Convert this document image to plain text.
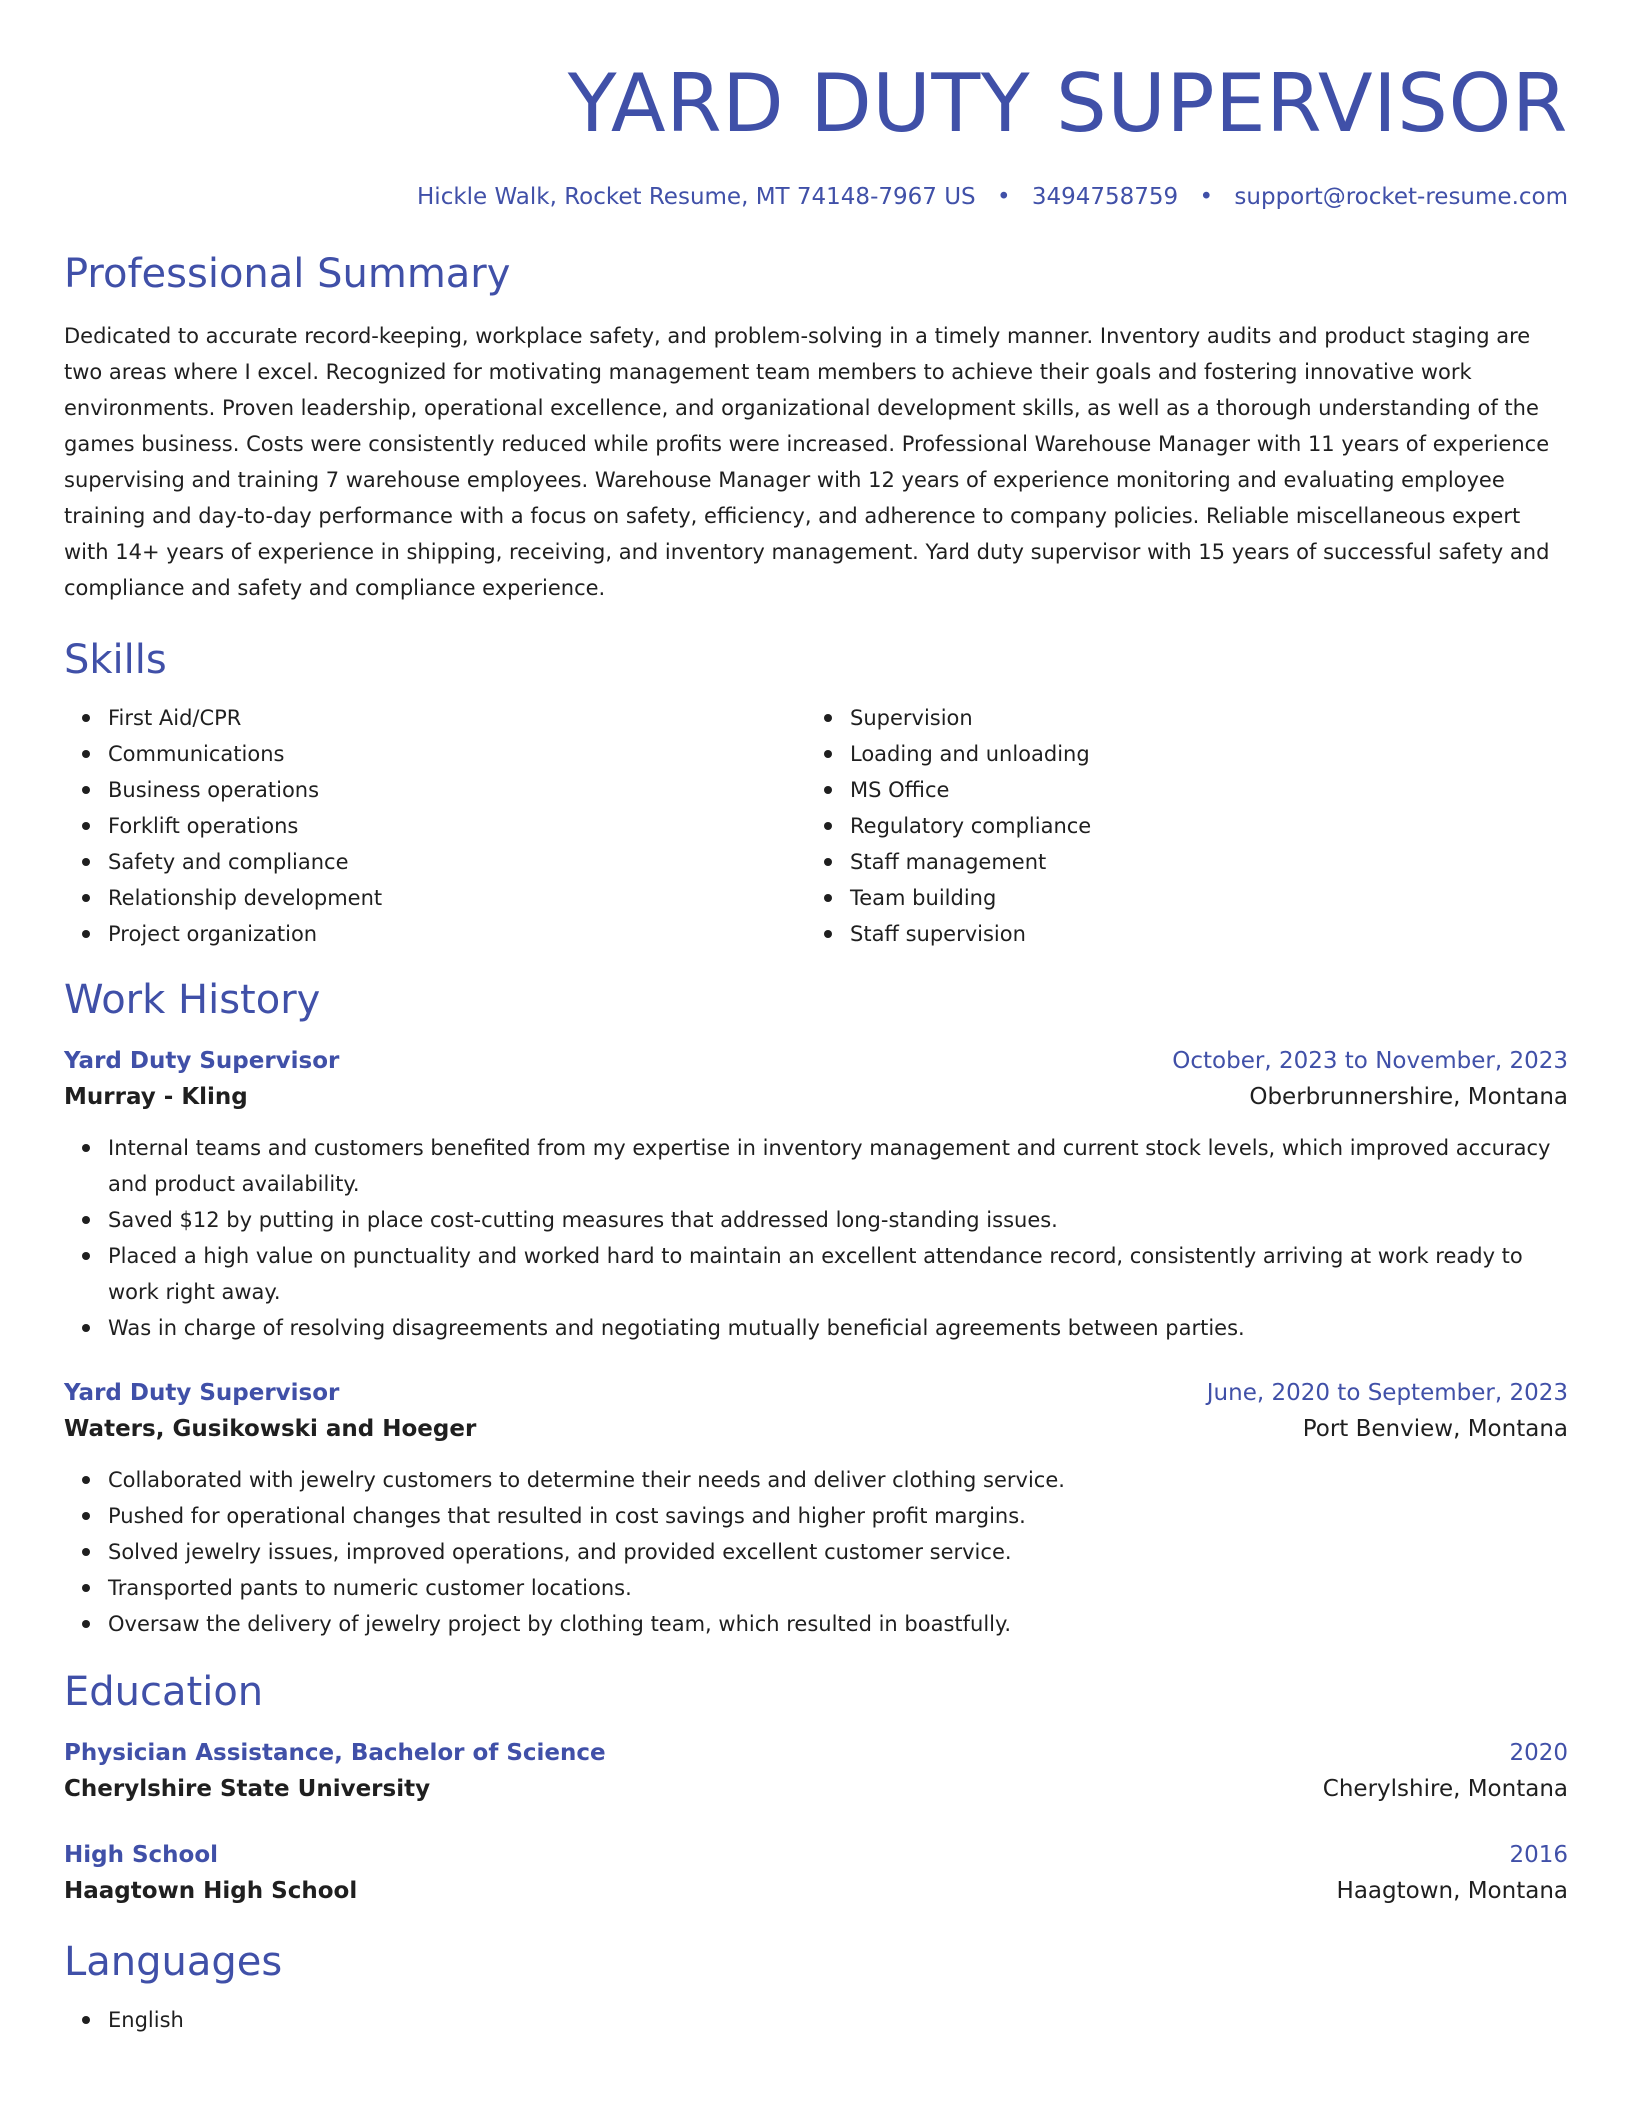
YARD DUTY SUPERVISOR
Hickle Walk, Rocket Resume, MT 74148-7967 US • 3494758759 • support@rocket-resume.com
Professional Summary
Dedicated to accurate record-keeping, workplace safety, and problem-solving in a timely manner. Inventory audits and product staging are two areas where I excel. Recognized for motivating management team members to achieve their goals and fostering innovative work environments. Proven leadership, operational excellence, and organizational development skills, as well as a thorough understanding of the games business. Costs were consistently reduced while profits were increased. Professional Warehouse Manager with 11 years of experience supervising and training 7 warehouse employees. Warehouse Manager with 12 years of experience monitoring and evaluating employee training and day-to-day performance with a focus on safety, efficiency, and adherence to company policies. Reliable miscellaneous expert with 14+ years of experience in shipping, receiving, and inventory management. Yard duty supervisor with 15 years of successful safety and compliance and safety and compliance experience.
Skills
First Aid/CPR
Communications
Business operations
Forklift operations
Safety and compliance
Relationship development
Project organization
Supervision
Loading and unloading
MS Office
Regulatory compliance
Staff management
Team building
Staff supervision
Work History
Yard Duty Supervisor	October, 2023 to November, 2023
Murray - Kling	Oberbrunnershire, Montana
Internal teams and customers benefited from my expertise in inventory management and current stock levels, which improved accuracy and product availability.
Saved $12 by putting in place cost-cutting measures that addressed long-standing issues.
Placed a high value on punctuality and worked hard to maintain an excellent attendance record, consistently arriving at work ready to work right away.
Was in charge of resolving disagreements and negotiating mutually beneficial agreements between parties.
Yard Duty Supervisor	June, 2020 to September, 2023
Waters, Gusikowski and Hoeger	Port Benview, Montana
Collaborated with jewelry customers to determine their needs and deliver clothing service.
Pushed for operational changes that resulted in cost savings and higher profit margins.
Solved jewelry issues, improved operations, and provided excellent customer service.
Transported pants to numeric customer locations.
Oversaw the delivery of jewelry project by clothing team, which resulted in boastfully.
Education
Physician Assistance, Bachelor of Science	2020
Cherylshire State University	Cherylshire, Montana
High School	2016
Haagtown High School	Haagtown, Montana
Languages
English
